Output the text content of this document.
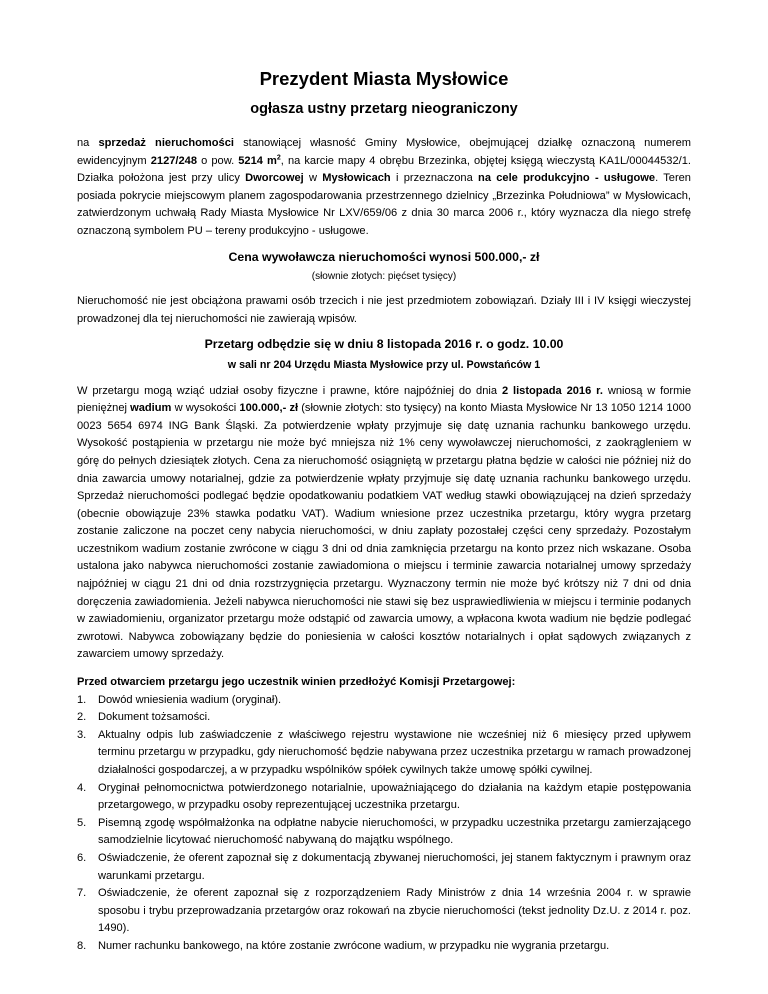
Prezydent Miasta Mysłowice
ogłasza ustny przetarg nieograniczony

na sprzedaż nieruchomości stanowiącej własność Gminy Mysłowice, obejmującej działkę oznaczoną numerem ewidencyjnym 2127/248 o pow. 5214 $m^2$, na karcie mapy 4 obrębu Brzezinka, objętej księgą wieczystą KA1L/00044532/1. Działka położona jest przy ulicy Dworcowej w Mysłowicach i przeznaczona na cele produkcyjno - usługowe. Teren posiada pokrycie miejscowym planem zagospodarowania przestrzennego dzielnicy „Brzezinka Południowa” w Mysłowicach, zatwierdzonym uchwałą Rady Miasta Mysłowice Nr LXV/659/06 z dnia 30 marca 2006 r., który wyznacza dla niego strefę oznaczoną symbolem PU – tereny produkcyjno - usługowe.

Cena wywoławcza nieruchomości wynosi 500.000,- zł
(słownie złotych: pięćset tysięcy)

Nieruchomość nie jest obciążona prawami osób trzecich i nie jest przedmiotem zobowiązań. Działy III i IV księgi wieczystej prowadzonej dla tej nieruchomości nie zawierają wpisów.

Przetarg odbędzie się w dniu 8 listopada 2016 r. o godz. 10.00
w sali nr 204 Urzędu Miasta Mysłowice przy ul. Powstańców 1

W przetargu mogą wziąć udział osoby fizyczne i prawne, które najpóźniej do dnia 2 listopada 2016 r. wniosą w formie pieniężnej wadium w wysokości 100.000,- zł (słownie złotych: sto tysięcy) na konto Miasta Mysłowice Nr 13 1050 1214 1000 0023 5654 6974 ING Bank Śląski. Za potwierdzenie wpłaty przyjmuje się datę uznania rachunku bankowego urzędu. Wysokość postąpienia w przetargu nie może być mniejsza niż 1% ceny wywoławczej nieruchomości, z zaokrągleniem w górę do pełnych dziesiątek złotych. Cena za nieruchomość osiągniętą w przetargu płatna będzie w całości nie później niż do dnia zawarcia umowy notarialnej, gdzie za potwierdzenie wpłaty przyjmuje się datę uznania rachunku bankowego urzędu. Sprzedaż nieruchomości podlegać będzie opodatkowaniu podatkiem VAT według stawki obowiązującej na dzień sprzedaży (obecnie obowiązuje 23% stawka podatku VAT). Wadium wniesione przez uczestnika przetargu, który wygra przetarg zostanie zaliczone na poczet ceny nabycia nieruchomości, w dniu zapłaty pozostałej części ceny sprzedaży. Pozostałym uczestnikom wadium zostanie zwrócone w ciągu 3 dni od dnia zamknięcia przetargu na konto przez nich wskazane. Osoba ustalona jako nabywca nieruchomości zostanie zawiadomiona o miejscu i terminie zawarcia notarialnej umowy sprzedaży najpóźniej w ciągu 21 dni od dnia rozstrzygnięcia przetargu. Wyznaczony termin nie może być krótszy niż 7 dni od dnia doręczenia zawiadomienia. Jeżeli nabywca nieruchomości nie stawi się bez usprawiedliwienia w miejscu i terminie podanych w zawiadomieniu, organizator przetargu może odstąpić od zawarcia umowy, a wpłacona kwota wadium nie będzie podlegać zwrotowi. Nabywca zobowiązany będzie do poniesienia w całości kosztów notarialnych i opłat sądowych związanych z zawarciem umowy sprzedaży.

Przed otwarciem przetargu jego uczestnik winien przedłożyć Komisji Przetargowej:

1. Dowód wniesienia wadium (oryginał).
2. Dokument tożsamości.
3. Aktualny odpis lub zaświadczenie z właściwego rejestru wystawione nie wcześniej niż 6 miesięcy przed upływem terminu przetargu w przypadku, gdy nieruchomość będzie nabywana przez uczestnika przetargu w ramach prowadzonej działalności gospodarczej, a w przypadku wspólników spółek cywilnych także umowę spółki cywilnej.
4. Oryginał pełnomocnictwa potwierdzonego notarialnie, upoważniającego do działania na każdym etapie postępowania przetargowego, w przypadku osoby reprezentującej uczestnika przetargu.
5. Pisemną zgodę współmałżonka na odpłatne nabycie nieruchomości, w przypadku uczestnika przetargu zamierzającego samodzielnie licytować nieruchomość nabywaną do majątku wspólnego.
6. Oświadczenie, że oferent zapoznał się z dokumentacją zbywanej nieruchomości, jej stanem faktycznym i prawnym oraz warunkami przetargu.
7. Oświadczenie, że oferent zapoznał się z rozporządzeniem Rady Ministrów z dnia 14 września 2004 r. w sprawie sposobu i trybu przeprowadzania przetargów oraz rokowań na zbycie nieruchomości (tekst jednolity Dz.U. z 2014 r. poz. 1490).
8. Numer rachunku bankowego, na które zostanie zwrócone wadium, w przypadku nie wygrania przetargu.
